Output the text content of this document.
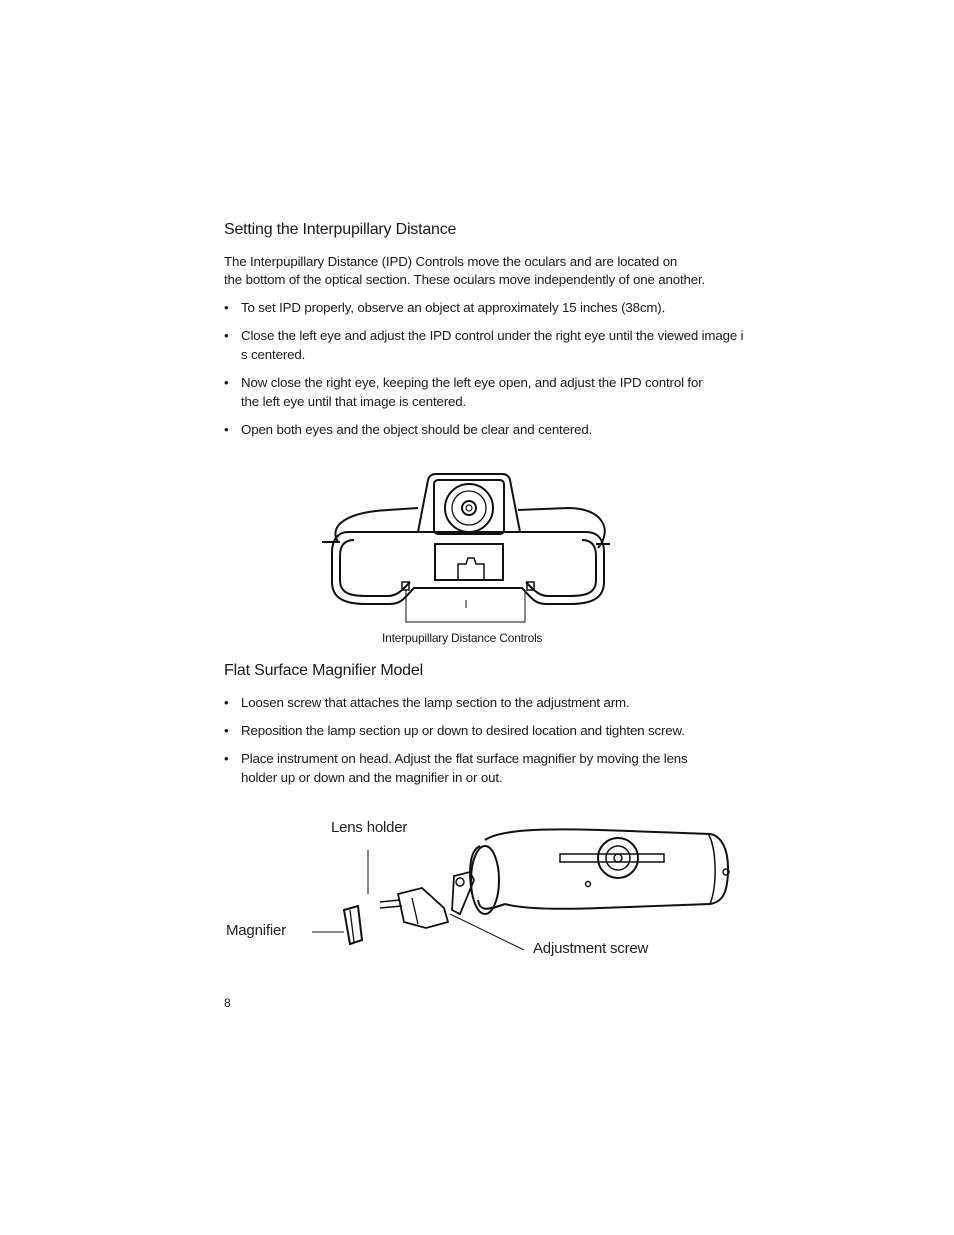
Setting the Interpupillary Distance

The Interpupillary Distance (IPD) Controls move the oculars and are located on

the bottom of the optical section. These oculars move independently of one another.

• To set IPD properly, observe an object at approximately 15 inches (38cm).
• Close the left eye and adjust the IPD control under the right eye until the viewed image i
s centered.
• Now close the right eye, keeping the left eye open, and adjust the IPD control for
the left eye until that image is centered.
• Open both eyes and the object should be clear and centered.
Interpupillary Distance Controls
Flat Surface Magnifier Model
• Loosen screw that attaches the lamp section to the adjustment arm.
• Reposition the lamp section up or down to desired location and tighten screw.
• Place instrument on head. Adjust the flat surface magnifier by moving the lens
holder up or down and the magnifier in or out.
Lens holder
Magnifier
Adjustment screw
8
